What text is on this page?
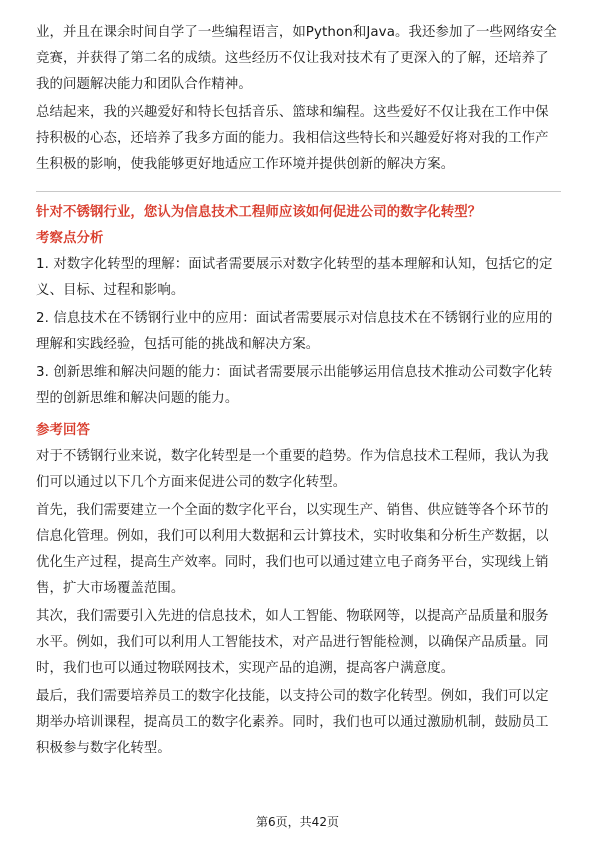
业，并且在课余时间自学了一些编程语言，如Python和Java。我还参加了一些网络安全竞赛，并获得了第二名的成绩。这些经历不仅让我对技术有了更深入的了解，还培养了我的问题解决能力和团队合作精神。

总结起来，我的兴趣爱好和特长包括音乐、篮球和编程。这些爱好不仅让我在工作中保持积极的心态，还培养了我多方面的能力。我相信这些特长和兴趣爱好将对我的工作产生积极的影响，使我能够更好地适应工作环境并提供创新的解决方案。

针对不锈钢行业，您认为信息技术工程师应该如何促进公司的数字化转型？

考察点分析

1. 对数字化转型的理解：面试者需要展示对数字化转型的基本理解和认知，包括它的定义、目标、过程和影响。

2. 信息技术在不锈钢行业中的应用：面试者需要展示对信息技术在不锈钢行业的应用的理解和实践经验，包括可能的挑战和解决方案。

3. 创新思维和解决问题的能力：面试者需要展示出能够运用信息技术推动公司数字化转型的创新思维和解决问题的能力。

参考回答

对于不锈钢行业来说，数字化转型是一个重要的趋势。作为信息技术工程师，我认为我们可以通过以下几个方面来促进公司的数字化转型。

首先，我们需要建立一个全面的数字化平台，以实现生产、销售、供应链等各个环节的信息化管理。例如，我们可以利用大数据和云计算技术，实时收集和分析生产数据，以优化生产过程，提高生产效率。同时，我们也可以通过建立电子商务平台，实现线上销售，扩大市场覆盖范围。

其次，我们需要引入先进的信息技术，如人工智能、物联网等，以提高产品质量和服务水平。例如，我们可以利用人工智能技术，对产品进行智能检测，以确保产品质量。同时，我们也可以通过物联网技术，实现产品的追溯，提高客户满意度。

最后，我们需要培养员工的数字化技能，以支持公司的数字化转型。例如，我们可以定期举办培训课程，提高员工的数字化素养。同时，我们也可以通过激励机制，鼓励员工积极参与数字化转型。

第6页，共42页
